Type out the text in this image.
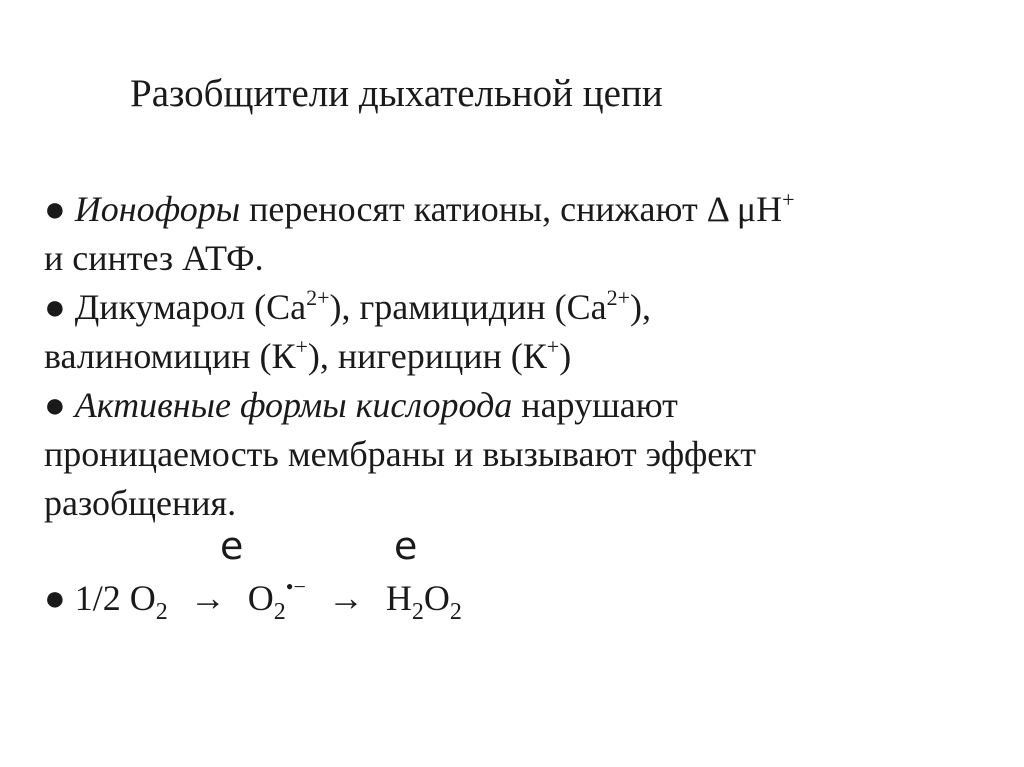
Разобщители дыхательной цепи
● Ионофоры переносят катионы, снижают Δ μH+
и синтез АТФ.
● Дикумарол $(Са^{2+})$, грамицидин $(Са^{2+})$,
валиномицин (К+), нигерицин (К+)
● Активные формы кислорода нарушают
проницаемость мембраны и вызывают эффект
разобщения.
e	e
● 1/2 $O_2 \to O_2^{•-} \to H_2O_2$
